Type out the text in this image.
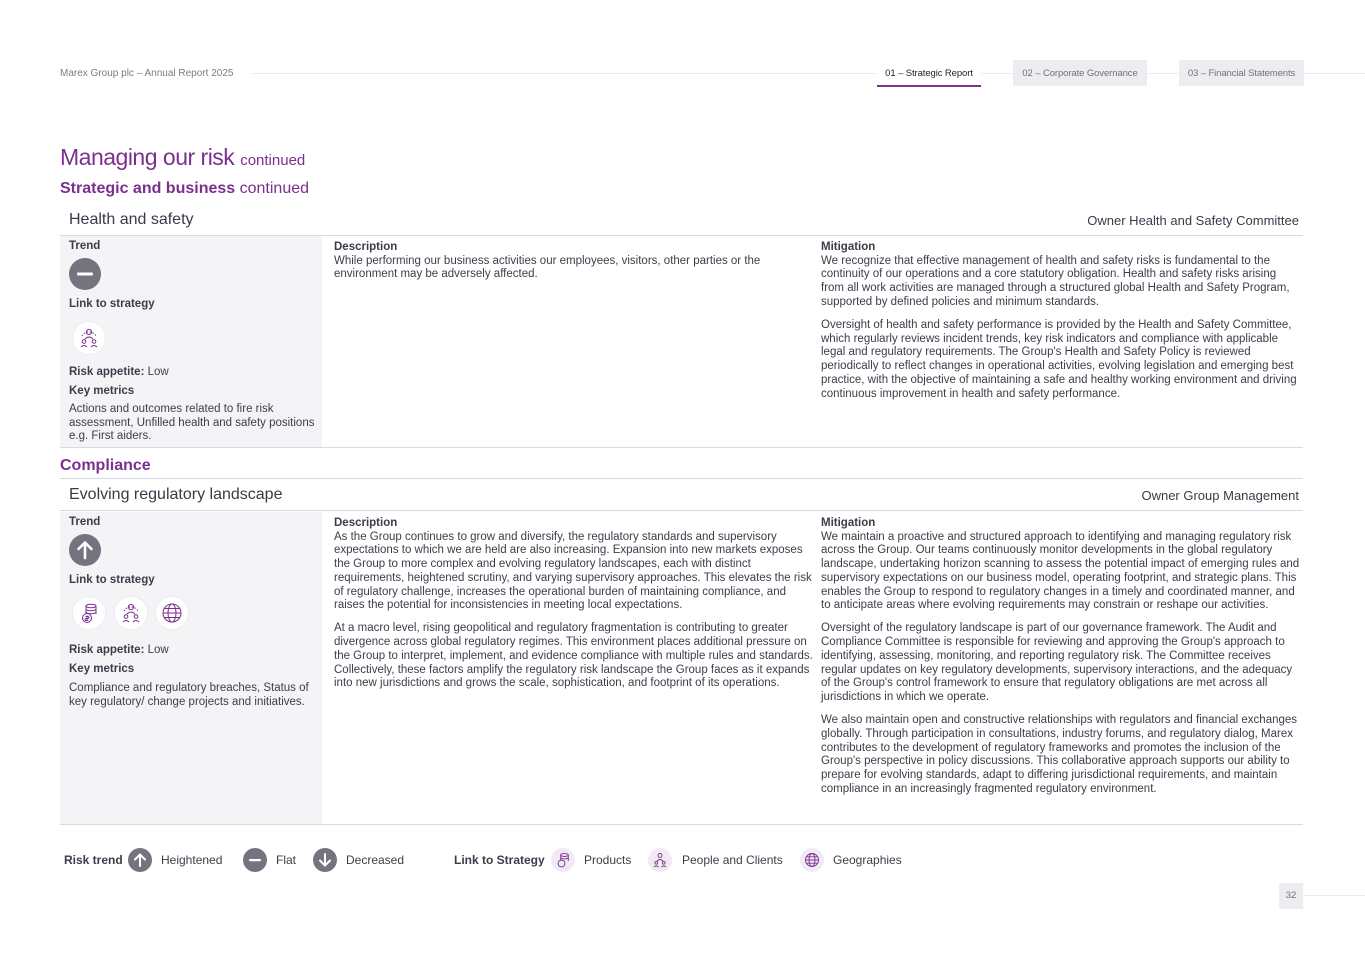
Marex Group plc – Annual Report 2025	01 – Strategic Report	02 – Corporate Governance	03 – Financial Statements
Managing our risk continued
Strategic and business continued
Health and safety	Owner Health and Safety Committee
Trend
Link to strategy
Risk appetite: Low
Key metrics
Actions and outcomes related to fire risk assessment, Unfilled health and safety positions e.g. First aiders.
Description

While performing our business activities our employees, visitors, other parties or the environment may be adversely affected.

Mitigation

We recognize that effective management of health and safety risks is fundamental to the continuity of our operations and a core statutory obligation. Health and safety risks arising from all work activities are managed through a structured global Health and Safety Program, supported by defined policies and minimum standards.

Oversight of health and safety performance is provided by the Health and Safety Committee, which regularly reviews incident trends, key risk indicators and compliance with applicable legal and regulatory requirements. The Group's Health and Safety Policy is reviewed periodically to reflect changes in operational activities, evolving legislation and emerging best practice, with the objective of maintaining a safe and healthy working environment and driving continuous improvement in health and safety performance.

Compliance
Evolving regulatory landscape	Owner Group Management
Trend
Link to strategy
Risk appetite: Low
Key metrics
Compliance and regulatory breaches, Status of key regulatory/ change projects and initiatives.
Description

As the Group continues to grow and diversify, the regulatory standards and supervisory expectations to which we are held are also increasing. Expansion into new markets exposes the Group to more complex and evolving regulatory landscapes, each with distinct requirements, heightened scrutiny, and varying supervisory approaches. This elevates the risk of regulatory challenge, increases the operational burden of maintaining compliance, and raises the potential for inconsistencies in meeting local expectations.

At a macro level, rising geopolitical and regulatory fragmentation is contributing to greater divergence across global regulatory regimes. This environment places additional pressure on the Group to interpret, implement, and evidence compliance with multiple rules and standards. Collectively, these factors amplify the regulatory risk landscape the Group faces as it expands into new jurisdictions and grows the scale, sophistication, and footprint of its operations.

Mitigation

We maintain a proactive and structured approach to identifying and managing regulatory risk across the Group. Our teams continuously monitor developments in the global regulatory landscape, undertaking horizon scanning to assess the potential impact of emerging rules and supervisory expectations on our business model, operating footprint, and strategic plans. This enables the Group to respond to regulatory changes in a timely and coordinated manner, and to anticipate areas where evolving requirements may constrain or reshape our activities.

Oversight of the regulatory landscape is part of our governance framework. The Audit and Compliance Committee is responsible for reviewing and approving the Group's approach to identifying, assessing, monitoring, and reporting regulatory risk. The Committee receives regular updates on key regulatory developments, supervisory interactions, and the adequacy of the Group's control framework to ensure that regulatory obligations are met across all jurisdictions in which we operate.

We also maintain open and constructive relationships with regulators and financial exchanges globally. Through participation in consultations, industry forums, and regulatory dialog, Marex contributes to the development of regulatory frameworks and promotes the inclusion of the Group's perspective in policy discussions. This collaborative approach supports our ability to prepare for evolving standards, adapt to differing jurisdictional requirements, and maintain compliance in an increasingly fragmented regulatory environment.

Risk trend	Heightened	Flat	Decreased	Link to Strategy	Products	People and Clients	Geographies
32
